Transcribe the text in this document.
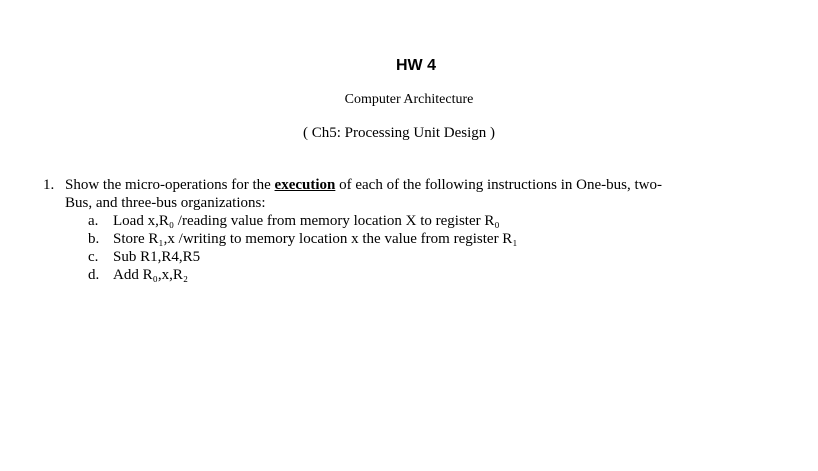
HW 4
Computer Architecture
( Ch5: Processing Unit Design )
1. Show the micro-operations for the execution of each of the following instructions in One-bus, two-
Bus, and three-bus organizations:
a. Load x,R₀ /reading value from memory location X to register R₀
b. Store R₁,x /writing to memory location x the value from register R₁
c. Sub R1,R4,R5
d. Add R₀,x,R₂
